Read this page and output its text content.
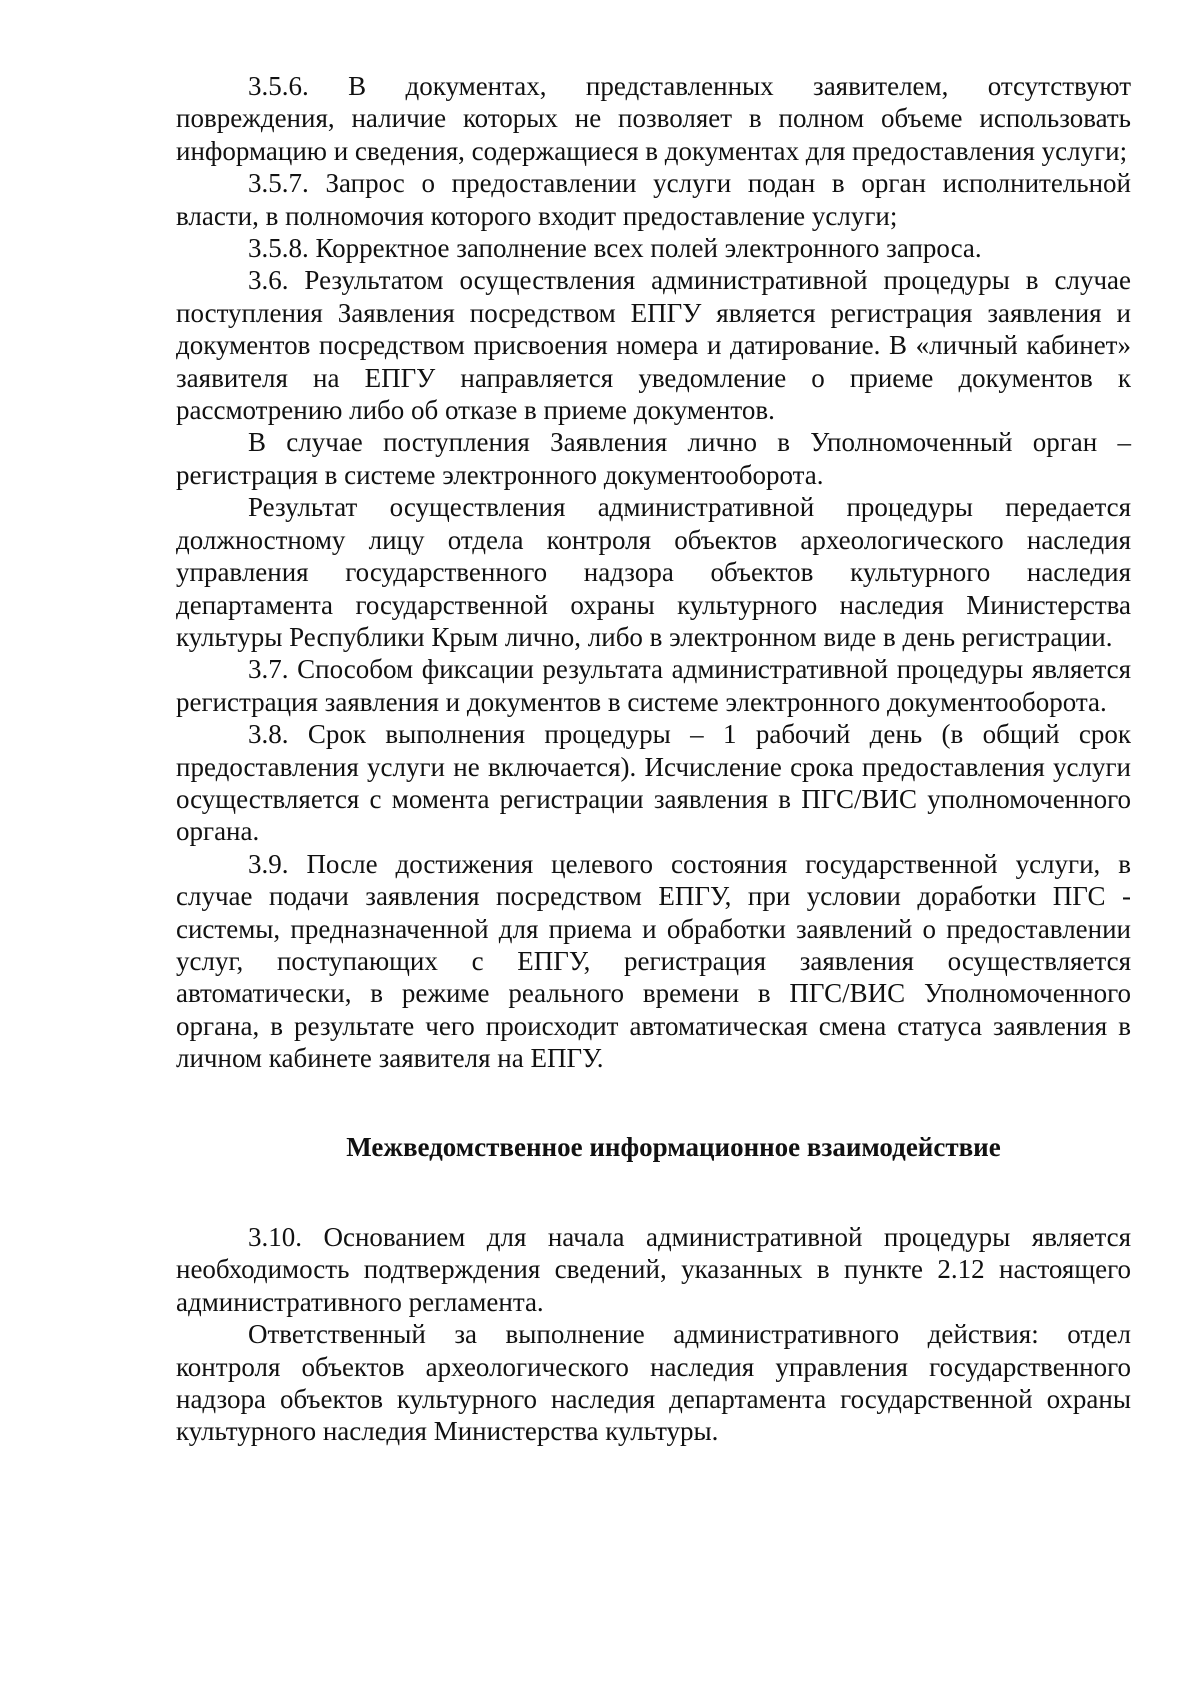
3.5.6. В документах, представленных заявителем, отсутствуют повреждения, наличие которых не позволяет в полном объеме использовать информацию и сведения, содержащиеся в документах для предоставления услуги;

3.5.7. Запрос о предоставлении услуги подан в орган исполнительной власти, в полномочия которого входит предоставление услуги;

3.5.8. Корректное заполнение всех полей электронного запроса.

3.6. Результатом осуществления административной процедуры в случае поступления Заявления посредством ЕПГУ является регистрация заявления и документов посредством присвоения номера и датирование. В «личный кабинет» заявителя на ЕПГУ направляется уведомление о приеме документов к рассмотрению либо об отказе в приеме документов.

В случае поступления Заявления лично в Уполномоченный орган – регистрация в системе электронного документооборота.

Результат осуществления административной процедуры передается должностному лицу отдела контроля объектов археологического наследия управления государственного надзора объектов культурного наследия департамента государственной охраны культурного наследия Министерства культуры Республики Крым лично, либо в электронном виде в день регистрации.

3.7. Способом фиксации результата административной процедуры является регистрация заявления и документов в системе электронного документооборота.

3.8. Срок выполнения процедуры – 1 рабочий день (в общий срок предоставления услуги не включается). Исчисление срока предоставления услуги осуществляется с момента регистрации заявления в ПГС/ВИС уполномоченного органа.

3.9. После достижения целевого состояния государственной услуги, в случае подачи заявления посредством ЕПГУ, при условии доработки ПГС - системы, предназначенной для приема и обработки заявлений о предоставлении услуг, поступающих с ЕПГУ, регистрация заявления осуществляется автоматически, в режиме реального времени в ПГС/ВИС Уполномоченного органа, в результате чего происходит автоматическая смена статуса заявления в личном кабинете заявителя на ЕПГУ.

Межведомственное информационное взаимодействие

3.10. Основанием для начала административной процедуры является необходимость подтверждения сведений, указанных в пункте 2.12 настоящего административного регламента.

Ответственный за выполнение административного действия: отдел контроля объектов археологического наследия управления государственного надзора объектов культурного наследия департамента государственной охраны культурного наследия Министерства культуры.
